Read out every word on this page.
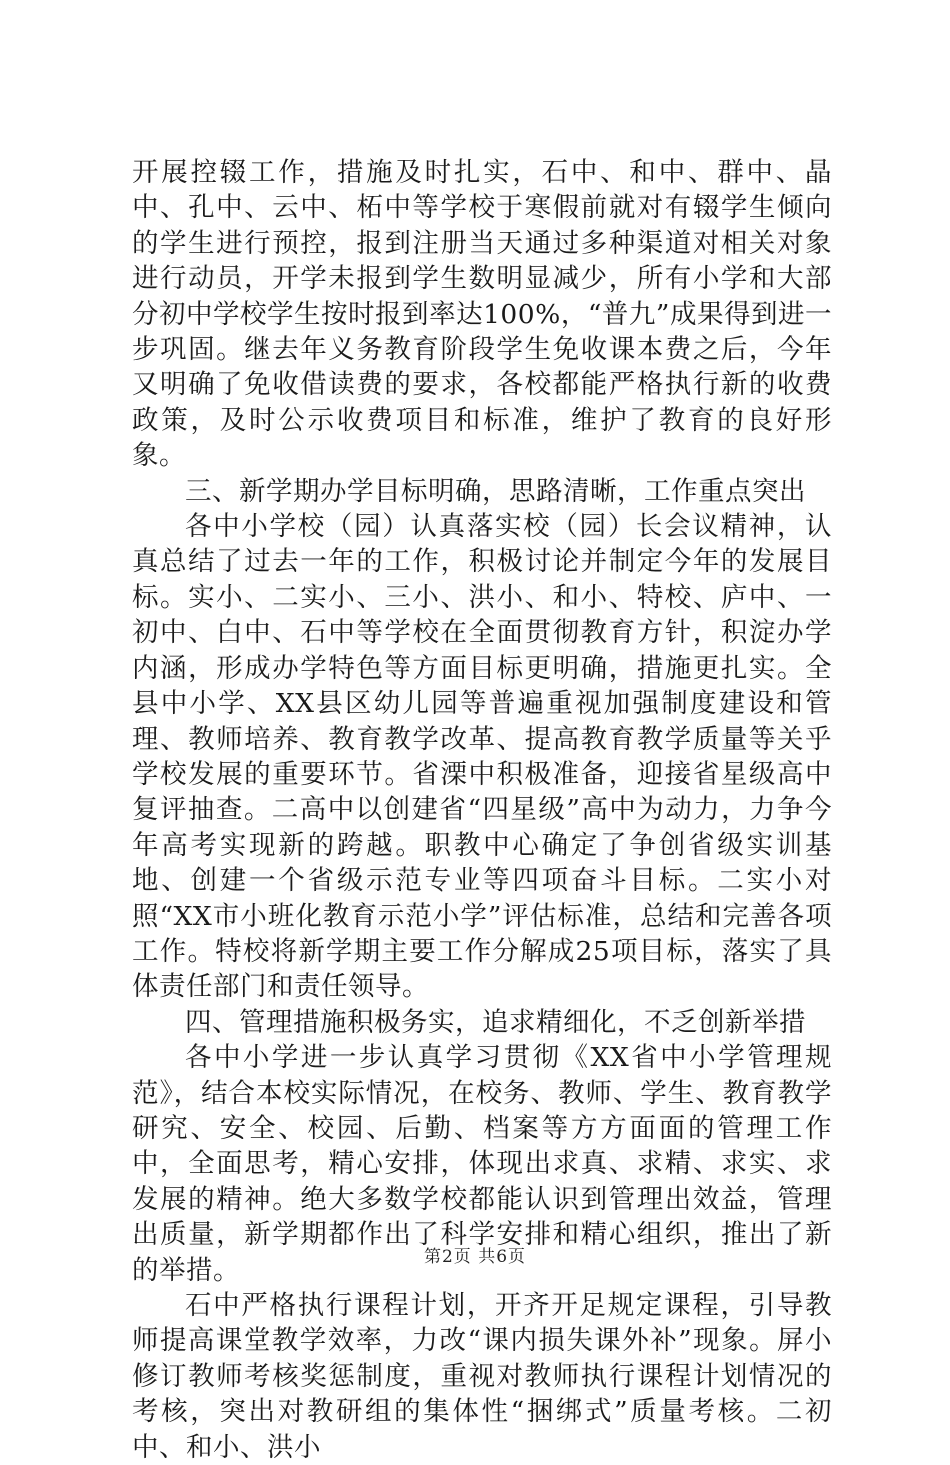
开展控辍工作，措施及时扎实，石中、和中、群中、晶中、孔中、云中、柘中等学校于寒假前就对有辍学生倾向的学生进行预控，报到注册当天通过多种渠道对相关对象进行动员，开学未报到学生数明显减少，所有小学和大部分初中学校学生按时报到率达100%，“普九”成果得到进一步巩固。继去年义务教育阶段学生免收课本费之后，今年又明确了免收借读费的要求，各校都能严格执行新的收费政策，及时公示收费项目和标准，维护了教育的良好形象。

三、新学期办学目标明确，思路清晰，工作重点突出

各中小学校（园）认真落实校（园）长会议精神，认真总结了过去一年的工作，积极讨论并制定今年的发展目标。实小、二实小、三小、洪小、和小、特校、庐中、一初中、白中、石中等学校在全面贯彻教育方针，积淀办学内涵，形成办学特色等方面目标更明确，措施更扎实。全县中小学、XX县区幼儿园等普遍重视加强制度建设和管理、教师培养、教育教学改革、提高教育教学质量等关乎学校发展的重要环节。省溧中积极准备，迎接省星级高中复评抽查。二高中以创建省“四星级”高中为动力，力争今年高考实现新的跨越。职教中心确定了争创省级实训基地、创建一个省级示范专业等四项奋斗目标。二实小对照“XX市小班化教育示范小学”评估标准，总结和完善各项工作。特校将新学期主要工作分解成25项目标，落实了具体责任部门和责任领导。

四、管理措施积极务实，追求精细化，不乏创新举措

各中小学进一步认真学习贯彻《XX省中小学管理规范》，结合本校实际情况，在校务、教师、学生、教育教学研究、安全、校园、后勤、档案等方方面面的管理工作中，全面思考，精心安排，体现出求真、求精、求实、求发展的精神。绝大多数学校都能认识到管理出效益，管理出质量，新学期都作出了科学安排和精心组织，推出了新的举措。

石中严格执行课程计划，开齐开足规定课程，引导教师提高课堂教学效率，力改“课内损失课外补”现象。屏小修订教师考核奖惩制度，重视对教师执行课程计划情况的考核，突出对教研组的集体性“捆绑式”质量考核。二初中、和小、洪小

第2页 共6页
